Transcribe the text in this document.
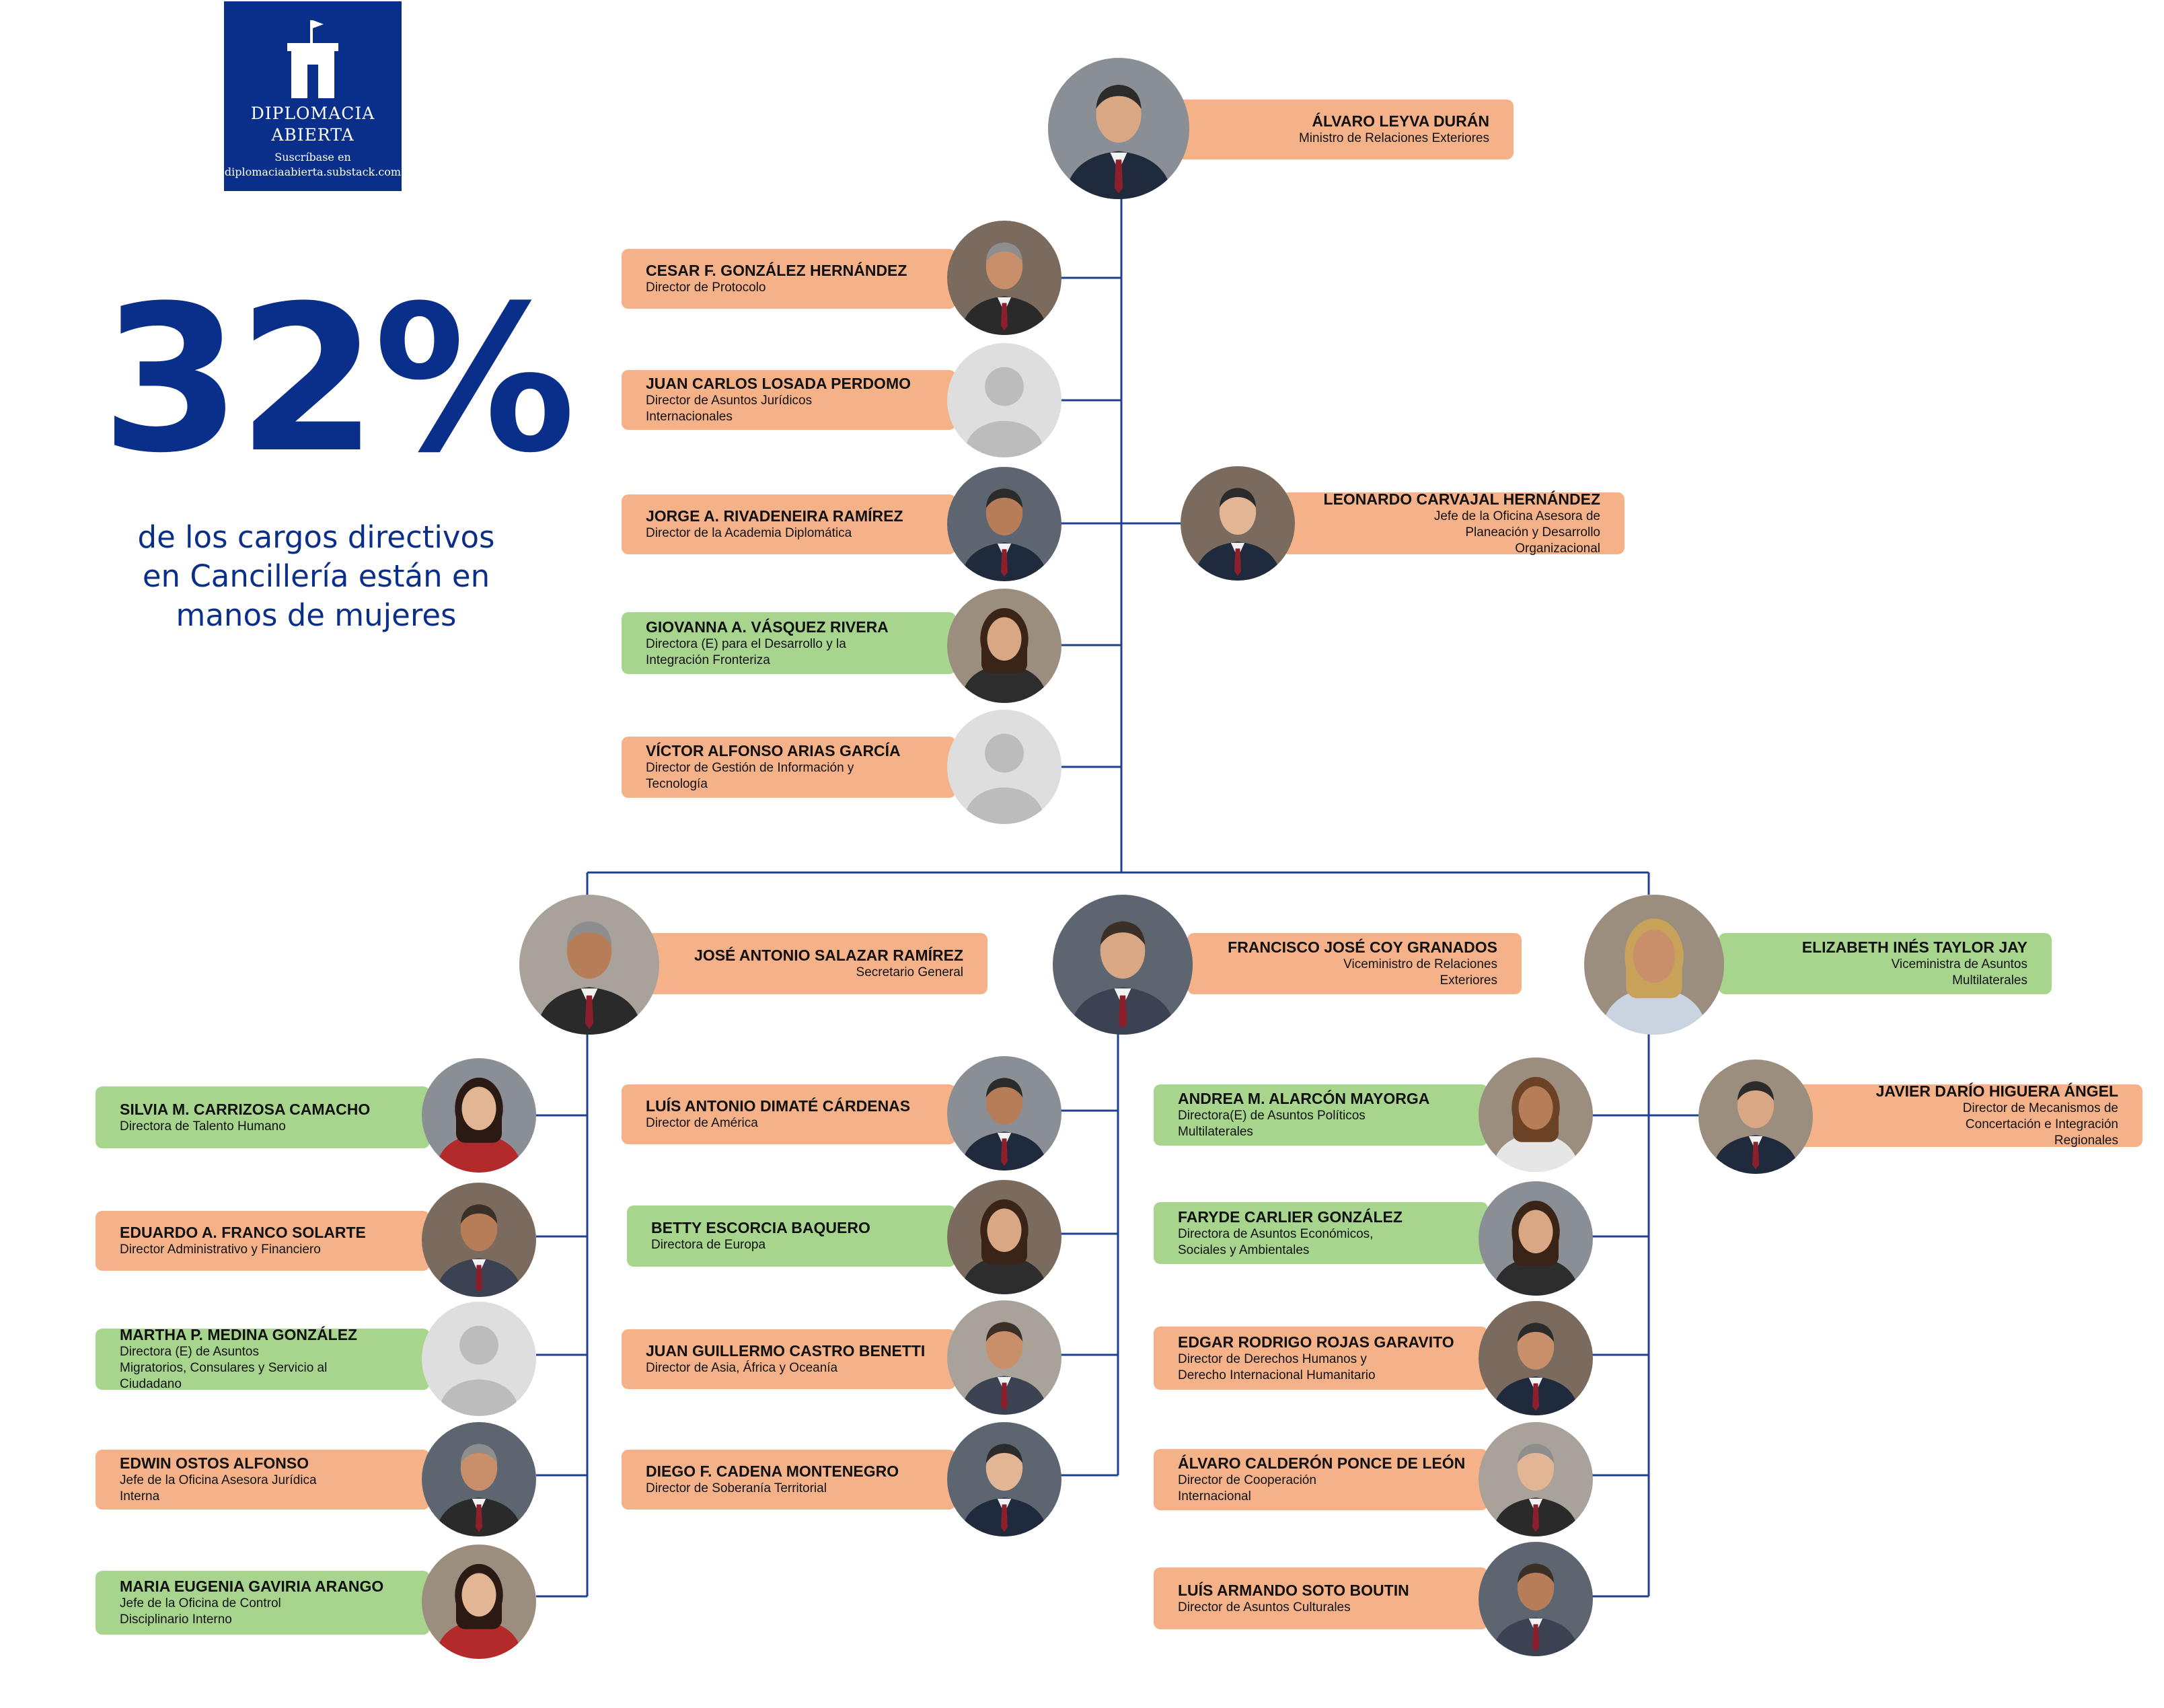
DIPLOMACIA
ABIERTA
Suscríbase en
diplomaciaabierta.substack.com
32%
de los cargos directivos
en Cancillería están en
manos de mujeres
ÁLVARO LEYVA DURÁN
Ministro de Relaciones Exteriores
CESAR F. GONZÁLEZ HERNÁNDEZ
Director de Protocolo
JUAN CARLOS LOSADA PERDOMO
Director de Asuntos Jurídicos Internacionales
JORGE A. RIVADENEIRA RAMÍREZ
Director de la Academia Diplomática
GIOVANNA A. VÁSQUEZ RIVERA
Directora (E) para el Desarrollo y la Integración Fronteriza
VÍCTOR ALFONSO ARIAS GARCÍA
Director de Gestión de Información y Tecnología
LEONARDO CARVAJAL HERNÁNDEZ
Jefe de la Oficina Asesora de Planeación y Desarrollo Organizacional
JOSÉ ANTONIO SALAZAR RAMÍREZ
Secretario General
FRANCISCO JOSÉ COY GRANADOS
Viceministro de Relaciones Exteriores
ELIZABETH INÉS TAYLOR JAY
Viceministra de Asuntos Multilaterales
SILVIA M. CARRIZOSA CAMACHO
Directora de Talento Humano
EDUARDO A. FRANCO SOLARTE
Director Administrativo y Financiero
MARTHA P. MEDINA GONZÁLEZ
Directora (E) de Asuntos Migratorios, Consulares y Servicio al Ciudadano
EDWIN OSTOS ALFONSO
Jefe de la Oficina Asesora Jurídica Interna
MARIA EUGENIA GAVIRIA ARANGO
Jefe de la Oficina de Control Disciplinario Interno
LUÍS ANTONIO DIMATÉ CÁRDENAS
Director de América
BETTY ESCORCIA BAQUERO
Directora de Europa
JUAN GUILLERMO CASTRO BENETTI
Director de Asia, África y Oceanía
DIEGO F. CADENA MONTENEGRO
Director de Soberanía Territorial
ANDREA M. ALARCÓN MAYORGA
Directora(E) de Asuntos Políticos Multilaterales
FARYDE CARLIER GONZÁLEZ
Directora de Asuntos Económicos, Sociales y Ambientales
EDGAR RODRIGO ROJAS GARAVITO
Director de Derechos Humanos y Derecho Internacional Humanitario
ÁLVARO CALDERÓN PONCE DE LEÓN
Director de Cooperación Internacional
LUÍS ARMANDO SOTO BOUTIN
Director de Asuntos Culturales
JAVIER DARÍO HIGUERA ÁNGEL
Director de Mecanismos de Concertación e Integración Regionales
